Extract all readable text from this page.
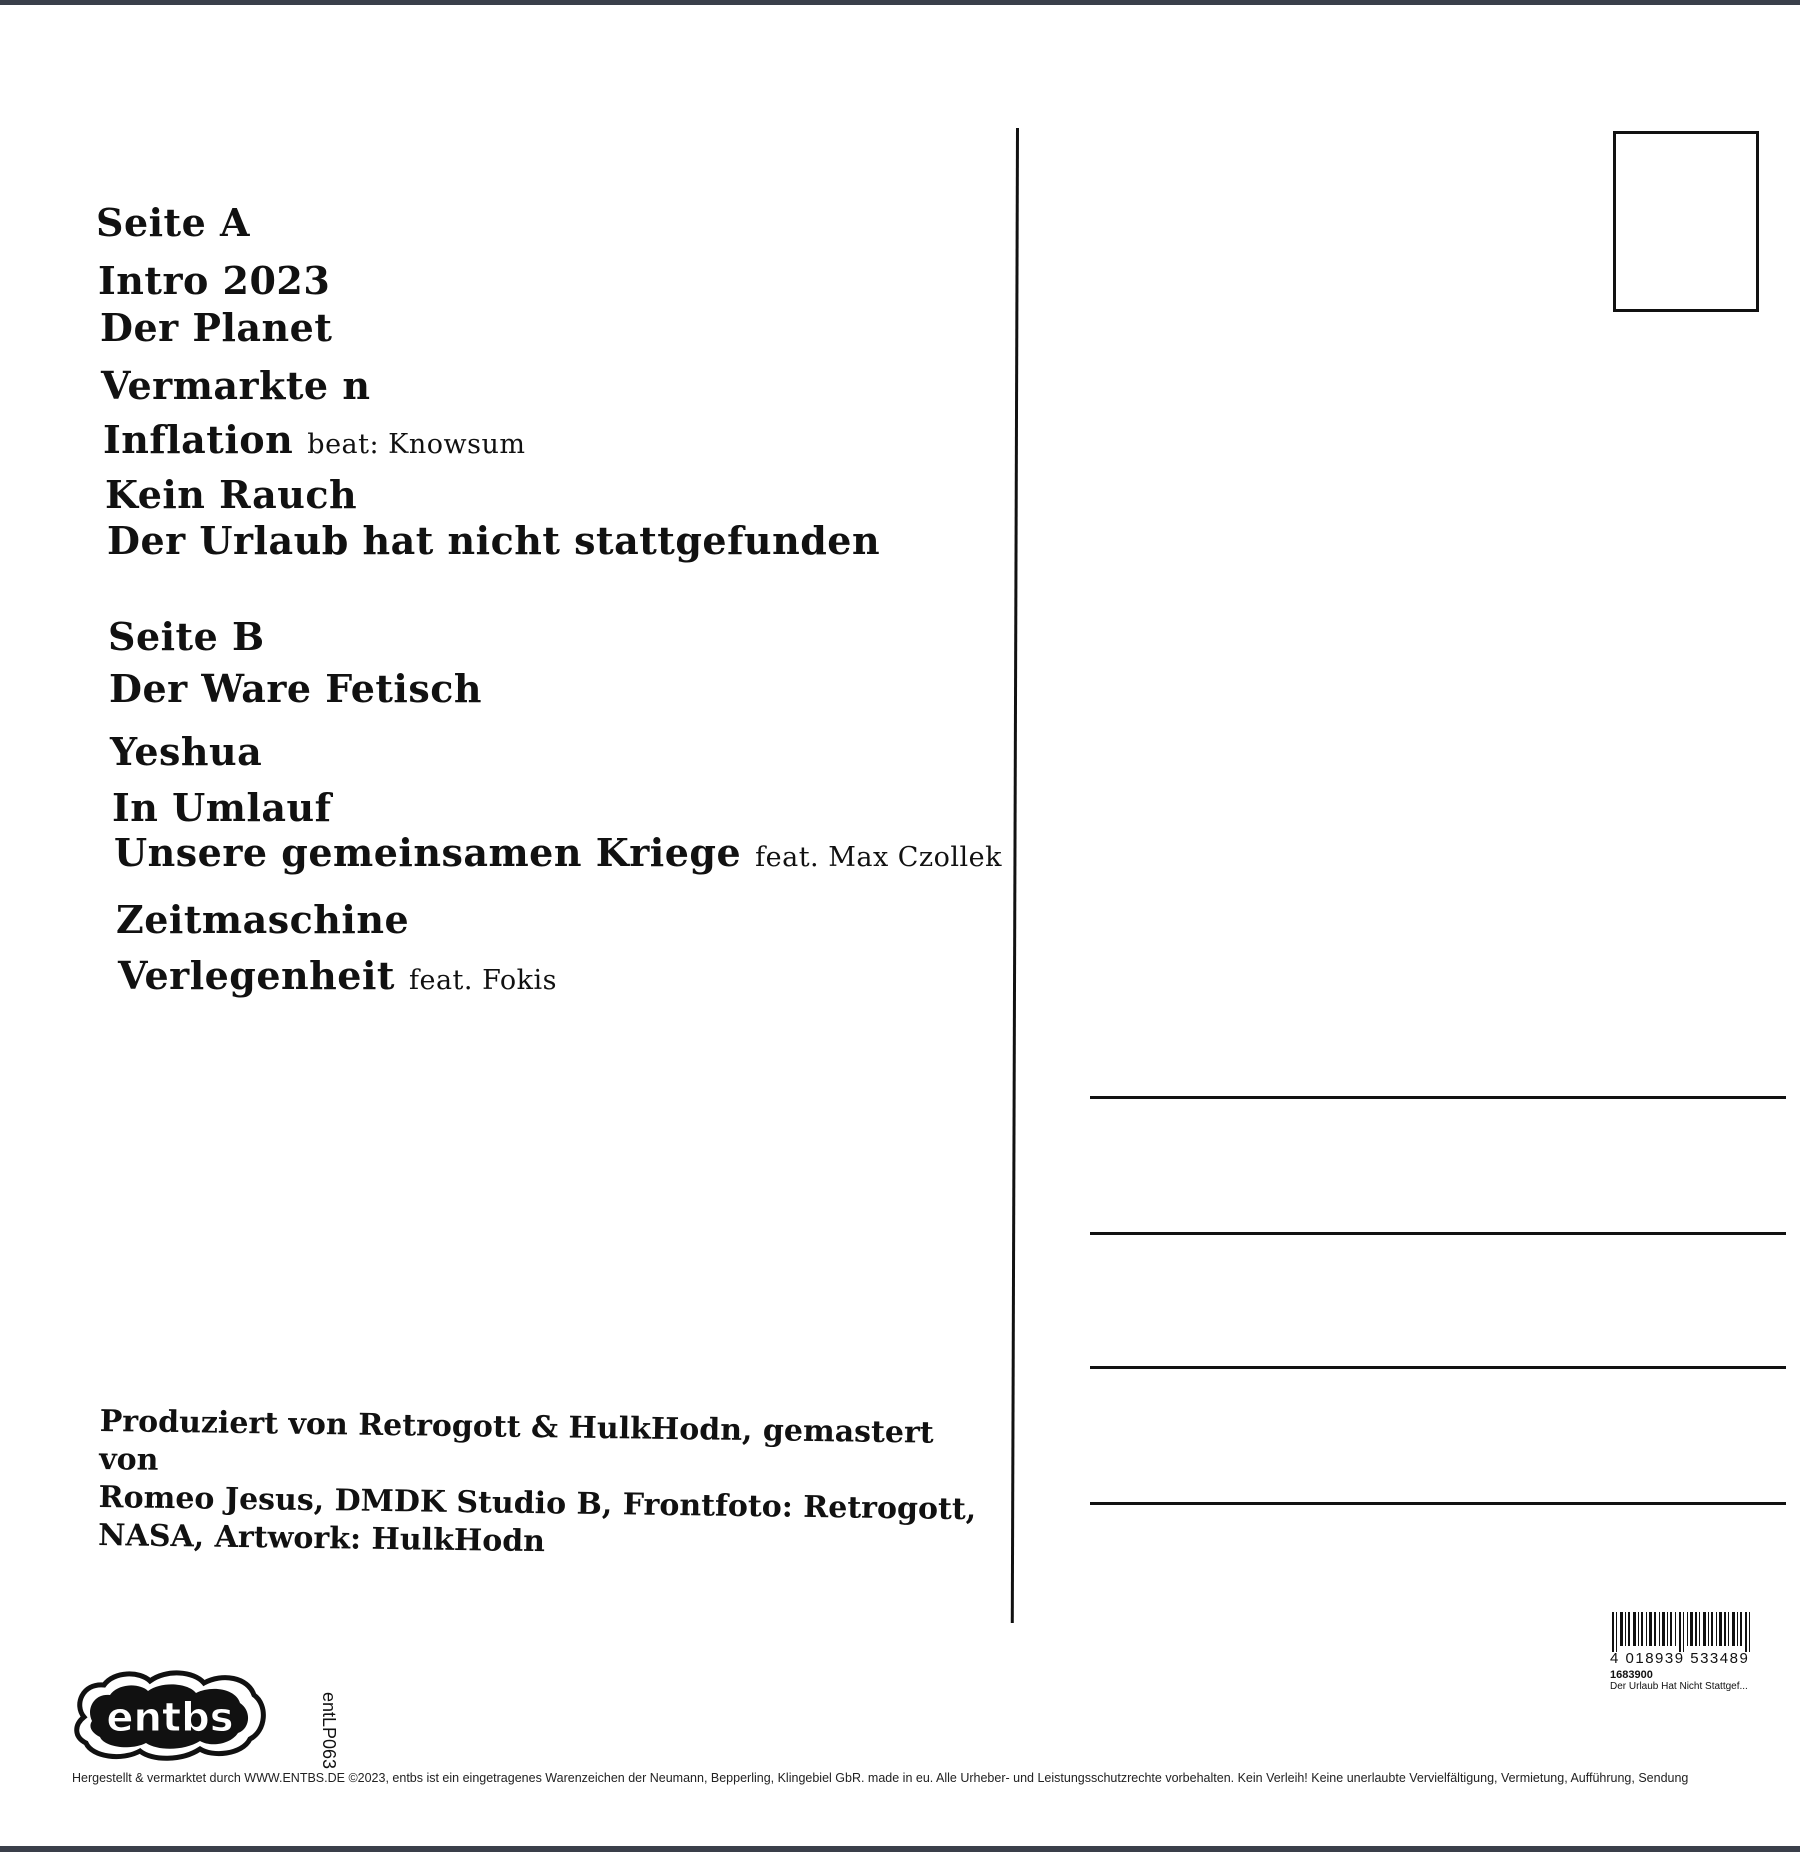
Seite A
Intro 2023
Der Planet
Vermarkte n
Inflation beat: Knowsum
Kein Rauch
Der Urlaub hat nicht stattgefunden
Seite B
Der Ware Fetisch
Yeshua
In Umlauf
Unsere gemeinsamen Kriege feat. Max Czollek
Zeitmaschine
Verlegenheit feat. Fokis
Produziert von Retrogott & HulkHodn, gemastert von
Romeo Jesus, DMDK Studio B, Frontfoto: Retrogott,
NASA, Artwork: HulkHodn
4 018939 533489
1683900
Der Urlaub Hat Nicht Stattgef...
entbs	entLP063
Hergestellt & vermarktet durch WWW.ENTBS.DE ©2023, entbs ist ein eingetragenes Warenzeichen der Neumann, Bepperling, Klingebiel GbR. made in eu. Alle Urheber- und Leistungsschutzrechte vorbehalten. Kein Verleih! Keine unerlaubte Vervielfältigung, Vermietung, Aufführung, Sendung
